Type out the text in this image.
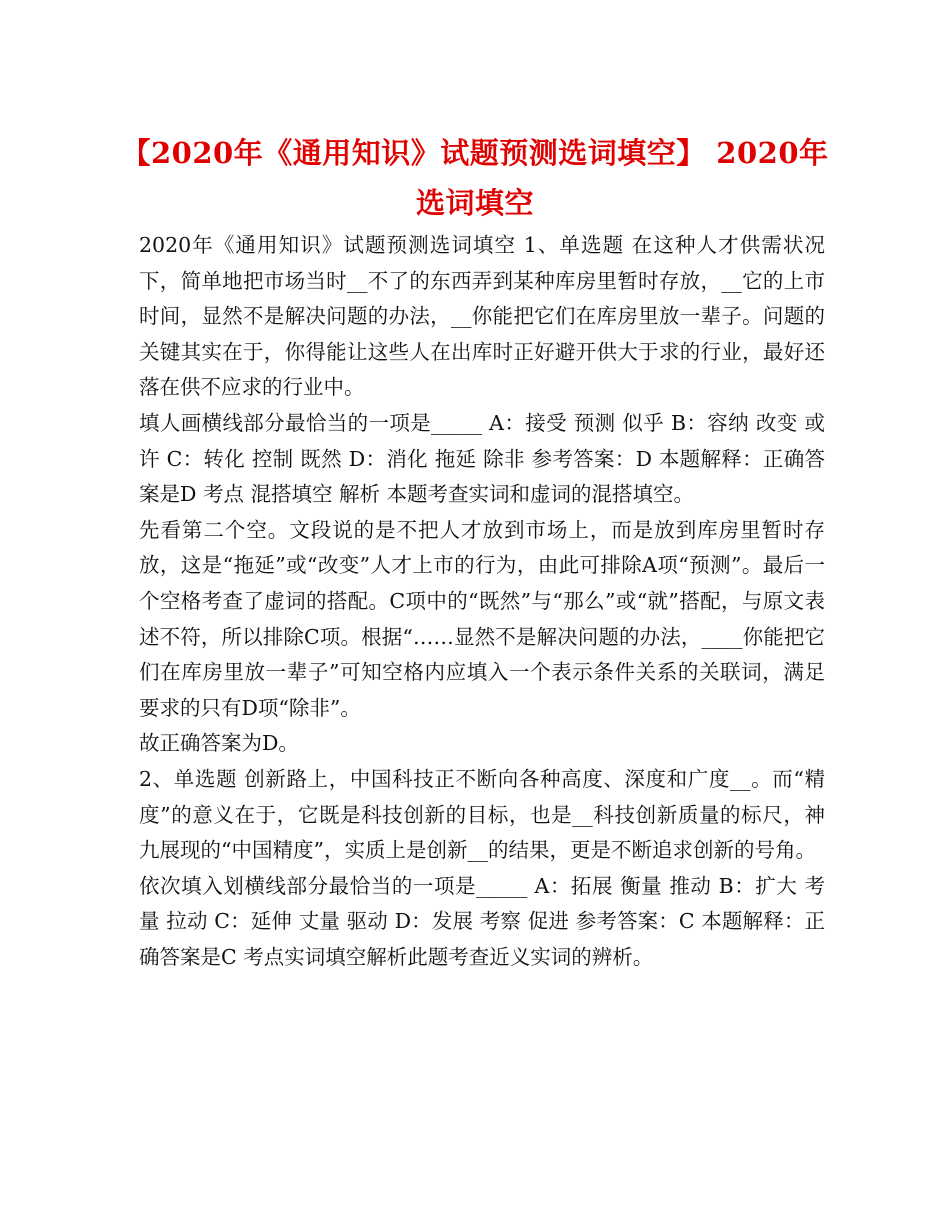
【2020年《通用知识》试题预测选词填空】 2020年选词填空

2020年《通用知识》试题预测选词填空 1、单选题 在这种人才供需状况下，简单地把市场当时__不了的东西弄到某种库房里暂时存放，__它的上市时间，显然不是解决问题的办法，__你能把它们在库房里放一辈子。问题的关键其实在于，你得能让这些人在出库时正好避开供大于求的行业，最好还落在供不应求的行业中。

填人画横线部分最恰当的一项是_____ A：接受 预测 似乎 B：容纳 改变 或许 C：转化 控制 既然 D：消化 拖延 除非 参考答案：D 本题解释：正确答案是D 考点 混搭填空 解析 本题考查实词和虚词的混搭填空。

先看第二个空。文段说的是不把人才放到市场上，而是放到库房里暂时存放，这是“拖延”或“改变”人才上市的行为，由此可排除A项“预测”。最后一个空格考查了虚词的搭配。C项中的“既然”与“那么”或“就”搭配，与原文表述不符，所以排除C项。根据“……显然不是解决问题的办法，____你能把它们在库房里放一辈子”可知空格内应填入一个表示条件关系的关联词，满足要求的只有D项“除非”。

故正确答案为D。

2、单选题 创新路上，中国科技正不断向各种高度、深度和广度__。而“精度”的意义在于，它既是科技创新的目标，也是__科技创新质量的标尺，神九展现的“中国精度”，实质上是创新__的结果，更是不断追求创新的号角。

依次填入划横线部分最恰当的一项是_____ A：拓展 衡量 推动 B：扩大 考量 拉动 C：延伸 丈量 驱动 D：发展 考察 促进 参考答案：C 本题解释：正确答案是C 考点实词填空解析此题考查近义实词的辨析。
